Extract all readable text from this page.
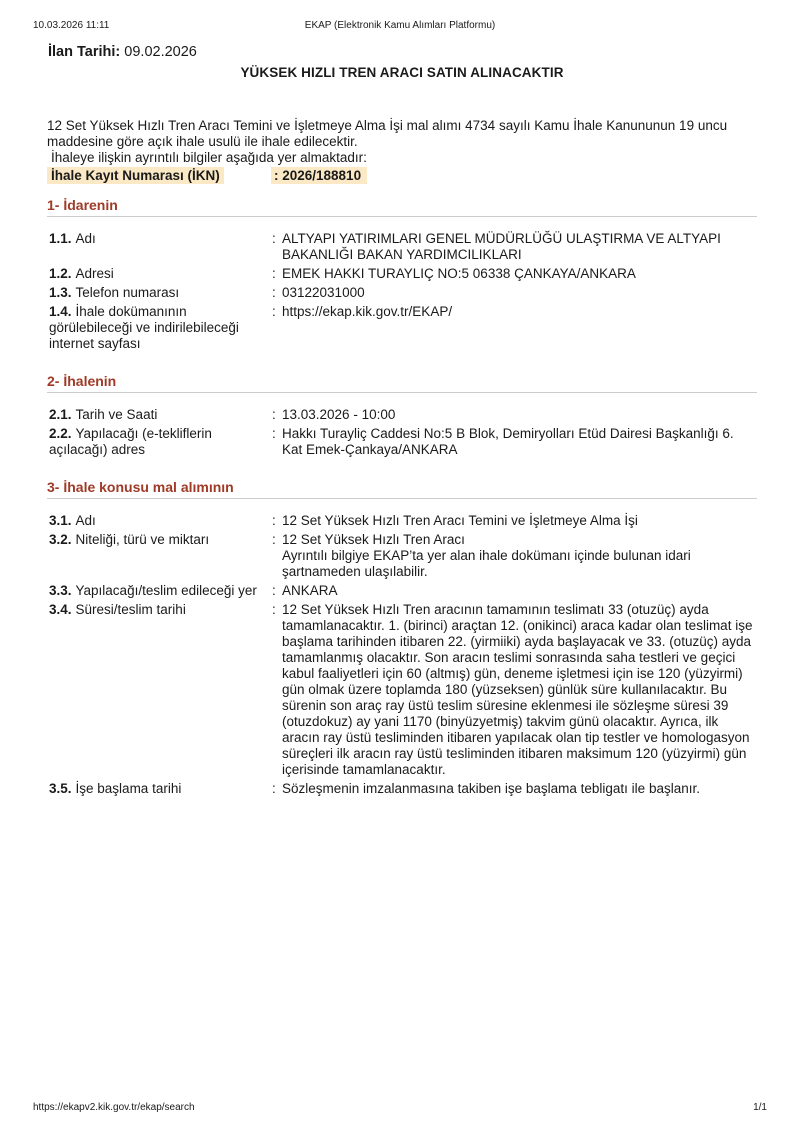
10.03.2026 11:11	EKAP (Elektronik Kamu Alımları Platformu)
İlan Tarihi: 09.02.2026
YÜKSEK HIZLI TREN ARACI SATIN ALINACAKTIR
12 Set Yüksek Hızlı Tren Aracı Temini ve İşletmeye Alma İşi mal alımı 4734 sayılı Kamu İhale Kanununun 19 uncu maddesine göre açık ihale usulü ile ihale edilecektir.
İhaleye ilişkin ayrıntılı bilgiler aşağıda yer almaktadır:
İhale Kayıt Numarası (İKN)	: 2026/188810
1- İdarenin
1.1. Adı	: ALTYAPI YATIRIMLARI GENEL MÜDÜRLÜĞÜ ULAŞTIRMA VE ALTYAPI BAKANLIĞI BAKAN YARDIMCILIKLARI
1.2. Adresi	: EMEK HAKKI TURAYLIÇ NO:5 06338 ÇANKAYA/ANKARA
1.3. Telefon numarası	: 03122031000
1.4. İhale dokümanının görülebileceği ve indirilebileceği internet sayfası
: https://ekap.kik.gov.tr/EKAP/
2- İhalenin
2.1. Tarih ve Saati	: 13.03.2026 - 10:00
2.2. Yapılacağı (e-tekliflerin açılacağı) adres
: Hakkı Turayliç Caddesi No:5 B Blok, Demiryolları Etüd Dairesi Başkanlığı 6. Kat Emek-Çankaya/ANKARA
3- İhale konusu mal alımının
3.1. Adı	: 12 Set Yüksek Hızlı Tren Aracı Temini ve İşletmeye Alma İşi
3.2. Niteliği, türü ve miktarı	: 12 Set Yüksek Hızlı Tren Aracı
Ayrıntılı bilgiye EKAP’ta yer alan ihale dokümanı içinde bulunan idari şartnameden ulaşılabilir.
3.3. Yapılacağı/teslim edileceği yer	: ANKARA
3.4. Süresi/teslim tarihi	: 12 Set Yüksek Hızlı Tren aracının tamamının teslimatı 33 (otuzüç) ayda tamamlanacaktır. 1. (birinci) araçtan 12. (onikinci) araca kadar olan teslimat işe başlama tarihinden itibaren 22. (yirmiiki) ayda başlayacak ve 33. (otuzüç) ayda tamamlanmış olacaktır. Son aracın teslimi sonrasında saha testleri ve geçici kabul faaliyetleri için 60 (altmış) gün, deneme işletmesi için ise 120 (yüzyirmi) gün olmak üzere toplamda 180 (yüzseksen) günlük süre kullanılacaktır. Bu sürenin son araç ray üstü teslim süresine eklenmesi ile sözleşme süresi 39 (otuzdokuz) ay yani 1170 (binyüzyetmiş) takvim günü olacaktır. Ayrıca, ilk aracın ray üstü tesliminden itibaren yapılacak olan tip testler ve homologasyon süreçleri ilk aracın ray üstü tesliminden itibaren maksimum 120 (yüzyirmi) gün içerisinde tamamlanacaktır.
3.5. İşe başlama tarihi	: Sözleşmenin imzalanmasına takiben işe başlama tebligatı ile başlanır.
https://ekapv2.kik.gov.tr/ekap/search	1/1
